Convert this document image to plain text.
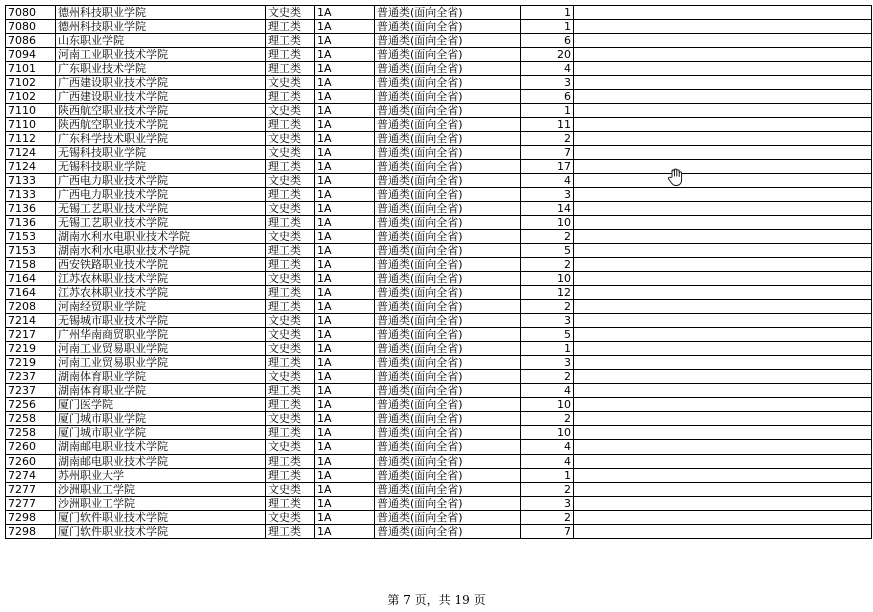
7080	德州科技职业学院	文史类	1A	普通类(面向全省)	1	
7080	德州科技职业学院	理工类	1A	普通类(面向全省)	1	
7086	山东职业学院	理工类	1A	普通类(面向全省)	6	
7094	河南工业职业技术学院	理工类	1A	普通类(面向全省)	20	
7101	广东职业技术学院	理工类	1A	普通类(面向全省)	4	
7102	广西建设职业技术学院	文史类	1A	普通类(面向全省)	3	
7102	广西建设职业技术学院	理工类	1A	普通类(面向全省)	6	
7110	陕西航空职业技术学院	文史类	1A	普通类(面向全省)	1	
7110	陕西航空职业技术学院	理工类	1A	普通类(面向全省)	11	
7112	广东科学技术职业学院	文史类	1A	普通类(面向全省)	2	
7124	无锡科技职业学院	文史类	1A	普通类(面向全省)	7	
7124	无锡科技职业学院	理工类	1A	普通类(面向全省)	17	
7133	广西电力职业技术学院	文史类	1A	普通类(面向全省)	4	
7133	广西电力职业技术学院	理工类	1A	普通类(面向全省)	3	
7136	无锡工艺职业技术学院	文史类	1A	普通类(面向全省)	14	
7136	无锡工艺职业技术学院	理工类	1A	普通类(面向全省)	10	
7153	湖南水利水电职业技术学院	文史类	1A	普通类(面向全省)	2	
7153	湖南水利水电职业技术学院	理工类	1A	普通类(面向全省)	5	
7158	西安铁路职业技术学院	理工类	1A	普通类(面向全省)	2	
7164	江苏农林职业技术学院	文史类	1A	普通类(面向全省)	10	
7164	江苏农林职业技术学院	理工类	1A	普通类(面向全省)	12	
7208	河南经贸职业学院	理工类	1A	普通类(面向全省)	2	
7214	无锡城市职业技术学院	文史类	1A	普通类(面向全省)	3	
7217	广州华南商贸职业学院	文史类	1A	普通类(面向全省)	5	
7219	河南工业贸易职业学院	文史类	1A	普通类(面向全省)	1	
7219	河南工业贸易职业学院	理工类	1A	普通类(面向全省)	3	
7237	湖南体育职业学院	文史类	1A	普通类(面向全省)	2	
7237	湖南体育职业学院	理工类	1A	普通类(面向全省)	4	
7256	厦门医学院	理工类	1A	普通类(面向全省)	10	
7258	厦门城市职业学院	文史类	1A	普通类(面向全省)	2	
7258	厦门城市职业学院	理工类	1A	普通类(面向全省)	10	
7260	湖南邮电职业技术学院	文史类	1A	普通类(面向全省)	4	
7260	湖南邮电职业技术学院	理工类	1A	普通类(面向全省)	4	
7274	苏州职业大学	理工类	1A	普通类(面向全省)	1	
7277	沙洲职业工学院	文史类	1A	普通类(面向全省)	2	
7277	沙洲职业工学院	理工类	1A	普通类(面向全省)	3	
7298	厦门软件职业技术学院	文史类	1A	普通类(面向全省)	2	
7298	厦门软件职业技术学院	理工类	1A	普通类(面向全省)	7	
第 7 页，共 19 页
